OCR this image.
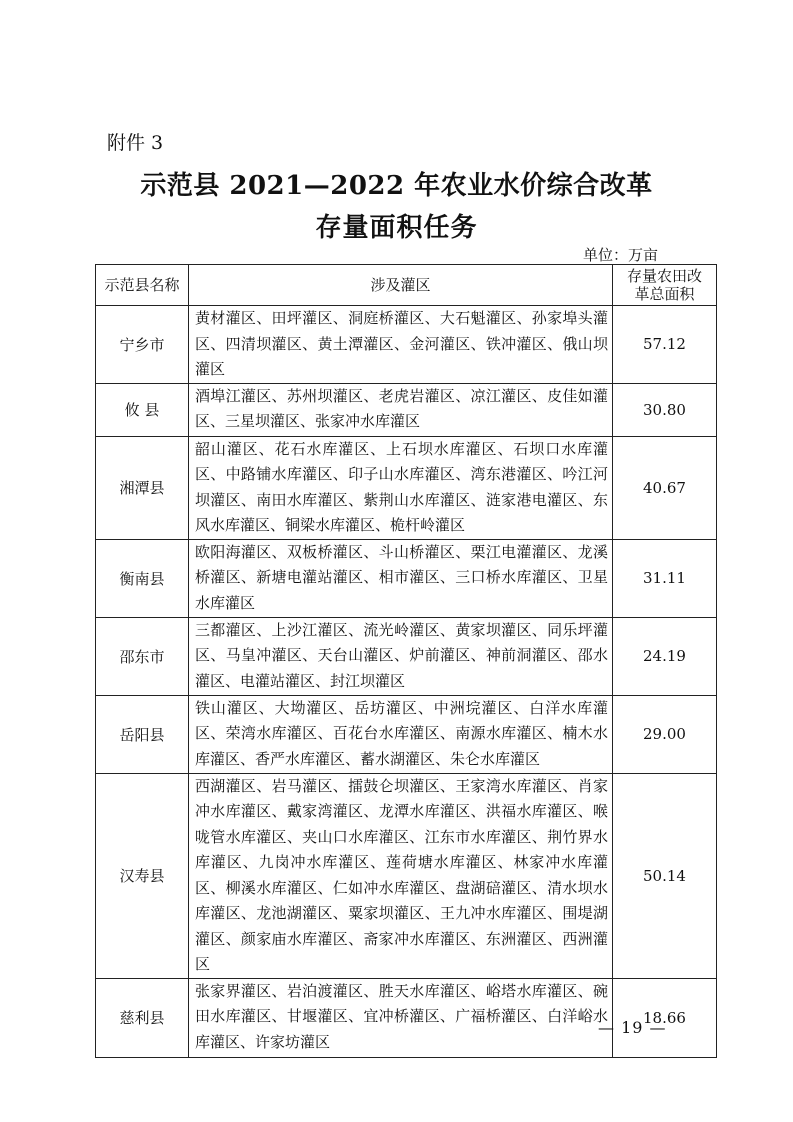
附件 3
示范县 2021—2022 年农业水价综合改革
存量面积任务
单位：万亩
示范县名称	涉及灌区	存量农田改革总面积
宁乡市	黄材灌区、田坪灌区、洞庭桥灌区、大石魁灌区、孙家埠头灌区、四清坝灌区、黄土潭灌区、金河灌区、铁冲灌区、俄山坝灌区	57.12
攸 县	酒埠江灌区、苏州坝灌区、老虎岩灌区、凉江灌区、皮佳如灌区、三星坝灌区、张家冲水库灌区	30.80
湘潭县	韶山灌区、花石水库灌区、上石坝水库灌区、石坝口水库灌区、中路铺水库灌区、印子山水库灌区、湾东港灌区、吟江河坝灌区、南田水库灌区、紫荆山水库灌区、涟家港电灌区、东风水库灌区、铜梁水库灌区、桅杆岭灌区	40.67
衡南县	欧阳海灌区、双板桥灌区、斗山桥灌区、栗江电灌灌区、龙溪桥灌区、新塘电灌站灌区、相市灌区、三口桥水库灌区、卫星水库灌区	31.11
邵东市	三都灌区、上沙江灌区、流光岭灌区、黄家坝灌区、同乐坪灌区、马皇冲灌区、天台山灌区、炉前灌区、神前洞灌区、邵水灌区、电灌站灌区、封江坝灌区	24.19
岳阳县	铁山灌区、大坳灌区、岳坊灌区、中洲垸灌区、白洋水库灌区、荣湾水库灌区、百花台水库灌区、南源水库灌区、楠木水库灌区、香严水库灌区、蓄水湖灌区、朱仑水库灌区	29.00
汉寿县	西湖灌区、岩马灌区、擂鼓仑坝灌区、王家湾水库灌区、肖家冲水库灌区、戴家湾灌区、龙潭水库灌区、洪福水库灌区、喉咙管水库灌区、夹山口水库灌区、江东市水库灌区、荆竹界水库灌区、九岗冲水库灌区、莲荷塘水库灌区、林家冲水库灌区、柳溪水库灌区、仁如冲水库灌区、盘湖碚灌区、清水坝水库灌区、龙池湖灌区、粟家坝灌区、王九冲水库灌区、围堤湖灌区、颜家庙水库灌区、斋家冲水库灌区、东洲灌区、西洲灌区	50.14
慈利县	张家界灌区、岩泊渡灌区、胜天水库灌区、峪塔水库灌区、碗田水库灌区、甘堰灌区、宜冲桥灌区、广福桥灌区、白洋峪水库灌区、许家坊灌区	18.66
— 19 —
